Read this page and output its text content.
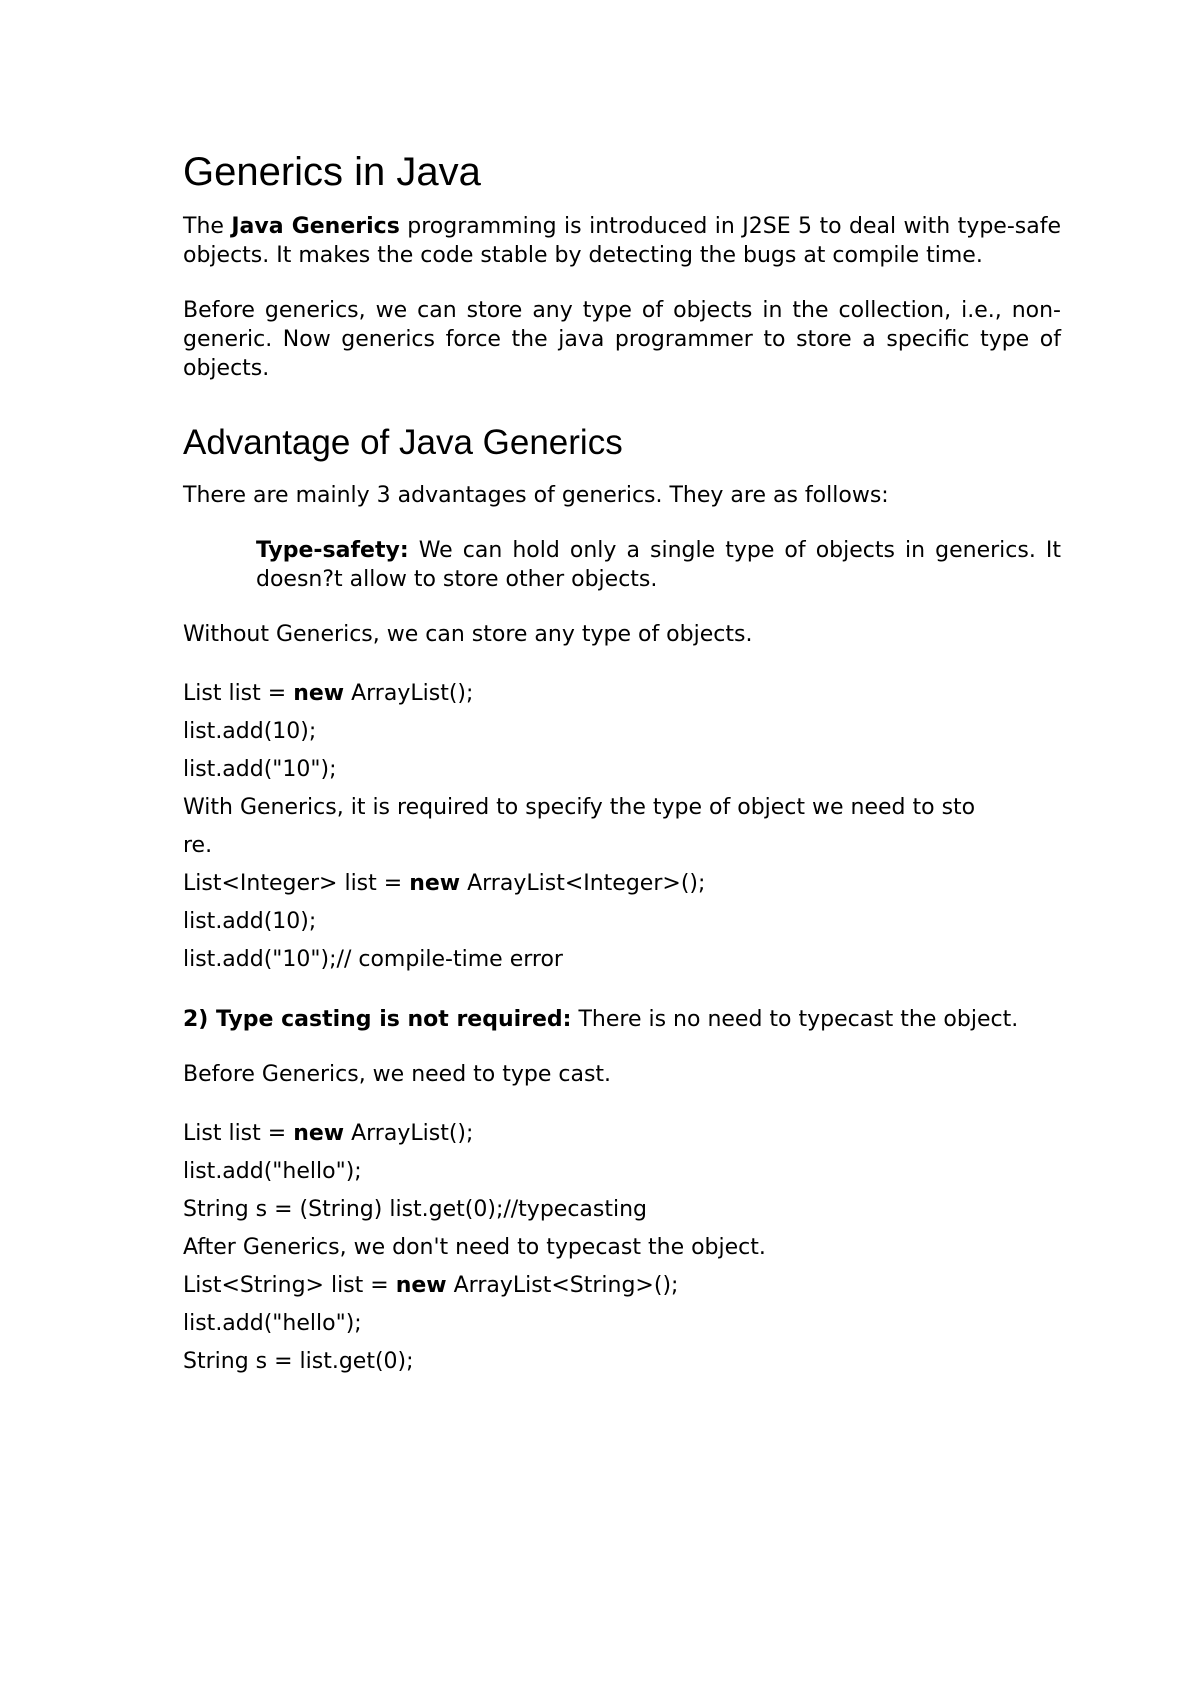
Generics in Java

The Java Generics programming is introduced in J2SE 5 to deal with type-safe objects. It makes the code stable by detecting the bugs at compile time.

Before generics, we can store any type of objects in the collection, i.e., non-generic. Now generics force the java programmer to store a specific type of objects.

Advantage of Java Generics

There are mainly 3 advantages of generics. They are as follows:

Type-safety: We can hold only a single type of objects in generics. It doesn?t allow to store other objects.

Without Generics, we can store any type of objects.

List list = new ArrayList();
list.add(10);
list.add("10");
With Generics, it is required to specify the type of object we need to sto
re.
List<Integer> list = new ArrayList<Integer>();
list.add(10);
list.add("10");// compile-time error

2) Type casting is not required: There is no need to typecast the object.

Before Generics, we need to type cast.

List list = new ArrayList();
list.add("hello");
String s = (String) list.get(0);//typecasting
After Generics, we don't need to typecast the object.
List<String> list = new ArrayList<String>();
list.add("hello");
String s = list.get(0);
